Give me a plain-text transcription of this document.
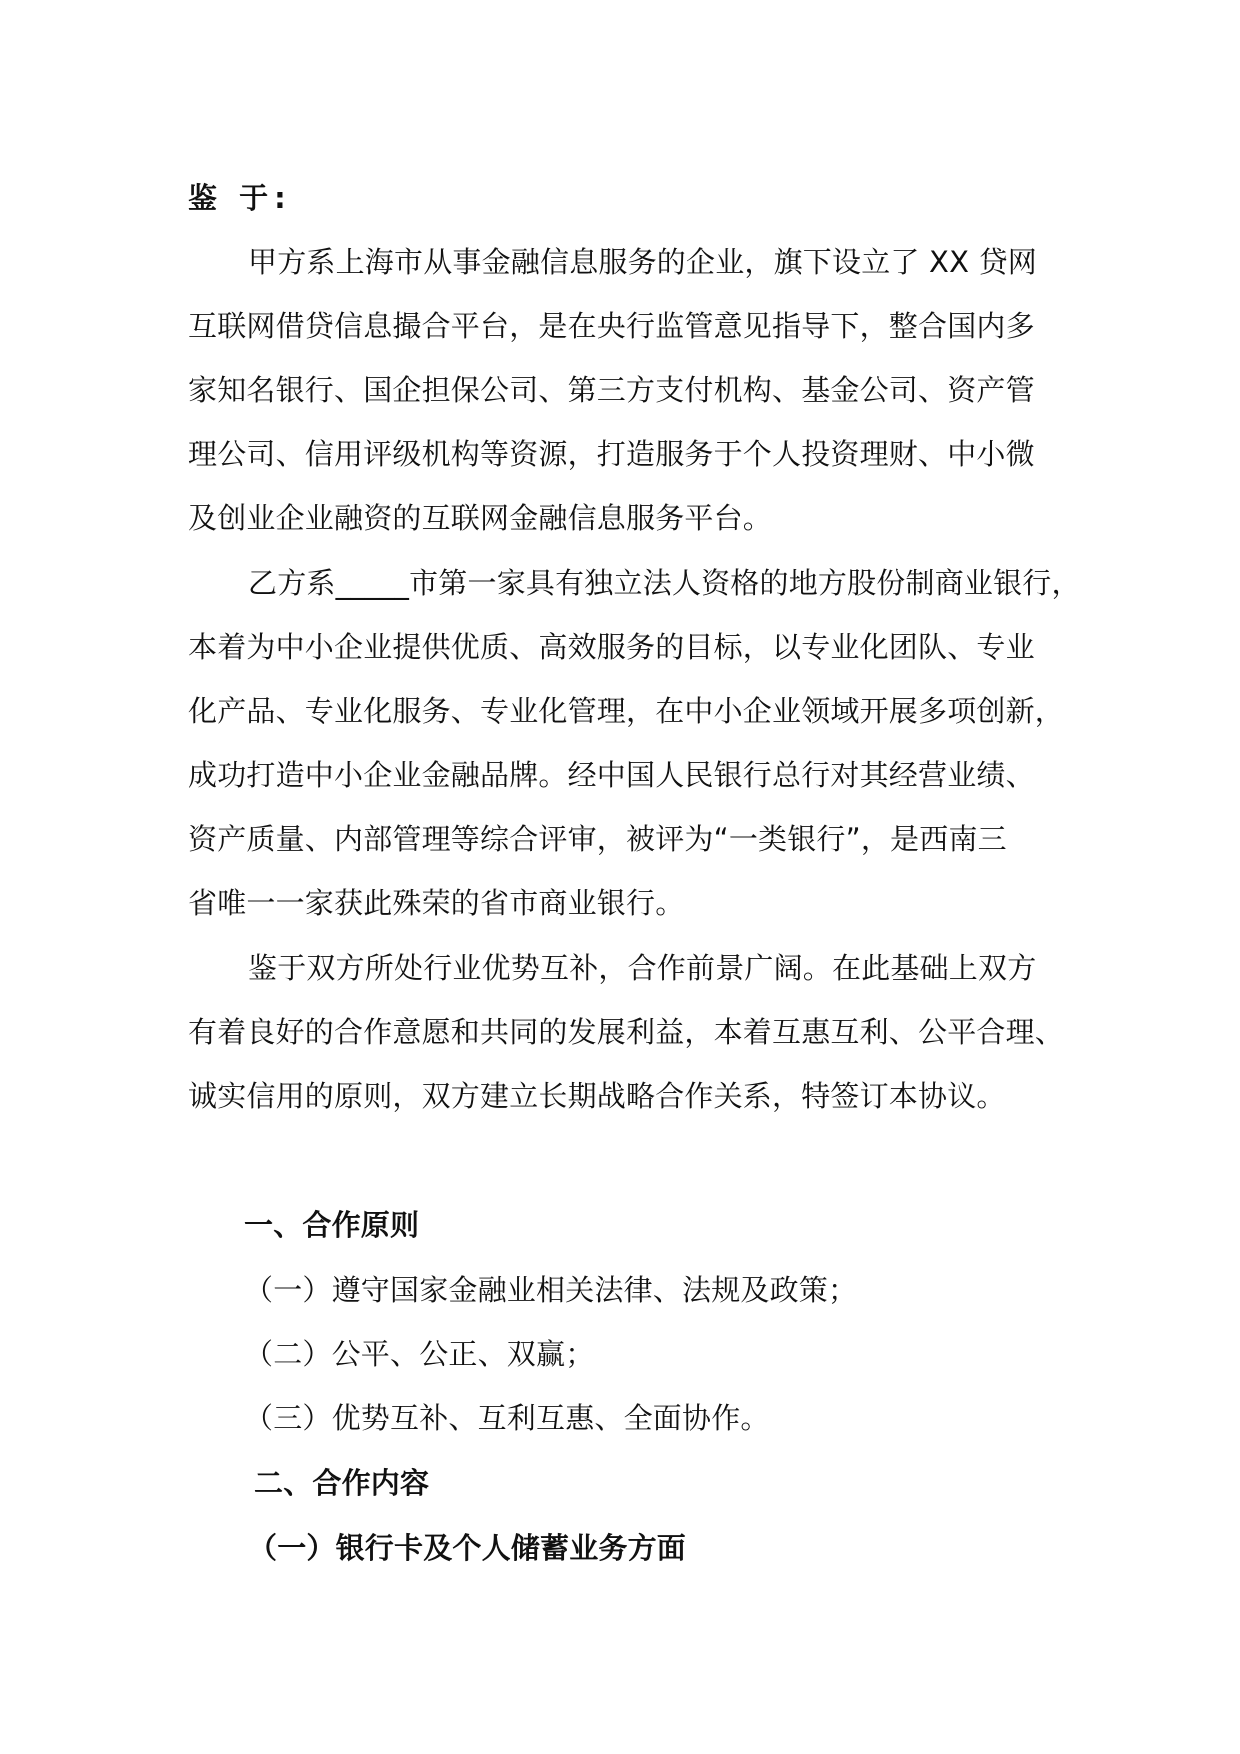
鉴 于:
甲方系上海市从事金融信息服务的企业，旗下设立了 XX 贷网
互联网借贷信息撮合平台，是在央行监管意见指导下，整合国内多
家知名银行、国企担保公司、第三方支付机构、基金公司、资产管
理公司、信用评级机构等资源，打造服务于个人投资理财、中小微
及创业企业融资的互联网金融信息服务平台。
乙方系_____市第一家具有独立法人资格的地方股份制商业银行，
本着为中小企业提供优质、高效服务的目标，以专业化团队、专业
化产品、专业化服务、专业化管理，在中小企业领域开展多项创新，
成功打造中小企业金融品牌。经中国人民银行总行对其经营业绩、
资产质量、内部管理等综合评审，被评为“一类银行”，是西南三
省唯一一家获此殊荣的省市商业银行。
鉴于双方所处行业优势互补，合作前景广阔。在此基础上双方
有着良好的合作意愿和共同的发展利益，本着互惠互利、公平合理、
诚实信用的原则，双方建立长期战略合作关系，特签订本协议。
一、合作原则
（一）遵守国家金融业相关法律、法规及政策；
（二）公平、公正、双赢；
（三）优势互补、互利互惠、全面协作。
二、合作内容
（一）银行卡及个人储蓄业务方面
